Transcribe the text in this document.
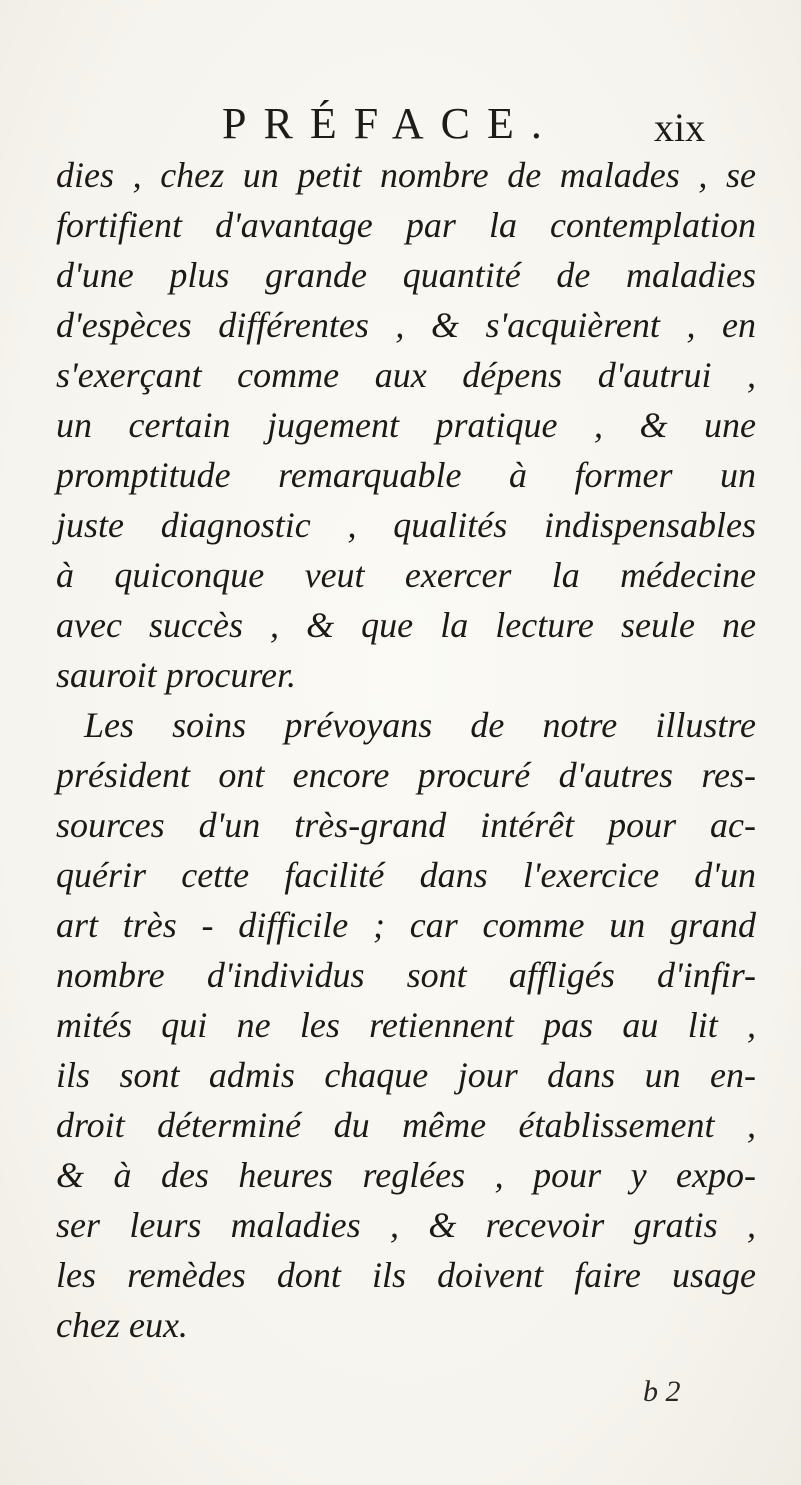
PRÉFACE. xix
dies , chez un petit nombre de malades , se
fortifient d'avantage par la contemplation
d'une plus grande quantité de maladies
d'espèces différentes , & s'acquièrent , en
s'exerçant comme aux dépens d'autrui ,
un certain jugement pratique , & une
promptitude remarquable à former un
juste diagnostic , qualités indispensables
à quiconque veut exercer la médecine
avec succès , & que la lecture seule ne
sauroit procurer.
Les soins prévoyans de notre illustre
président ont encore procuré d'autres res-
sources d'un très-grand intérêt pour ac-
quérir cette facilité dans l'exercice d'un
art très - difficile ; car comme un grand
nombre d'individus sont affligés d'infir-
mités qui ne les retiennent pas au lit ,
ils sont admis chaque jour dans un en-
droit déterminé du même établissement ,
& à des heures reglées , pour y expo-
ser leurs maladies , & recevoir gratis ,
les remèdes dont ils doivent faire usage
chez eux.
b 2
